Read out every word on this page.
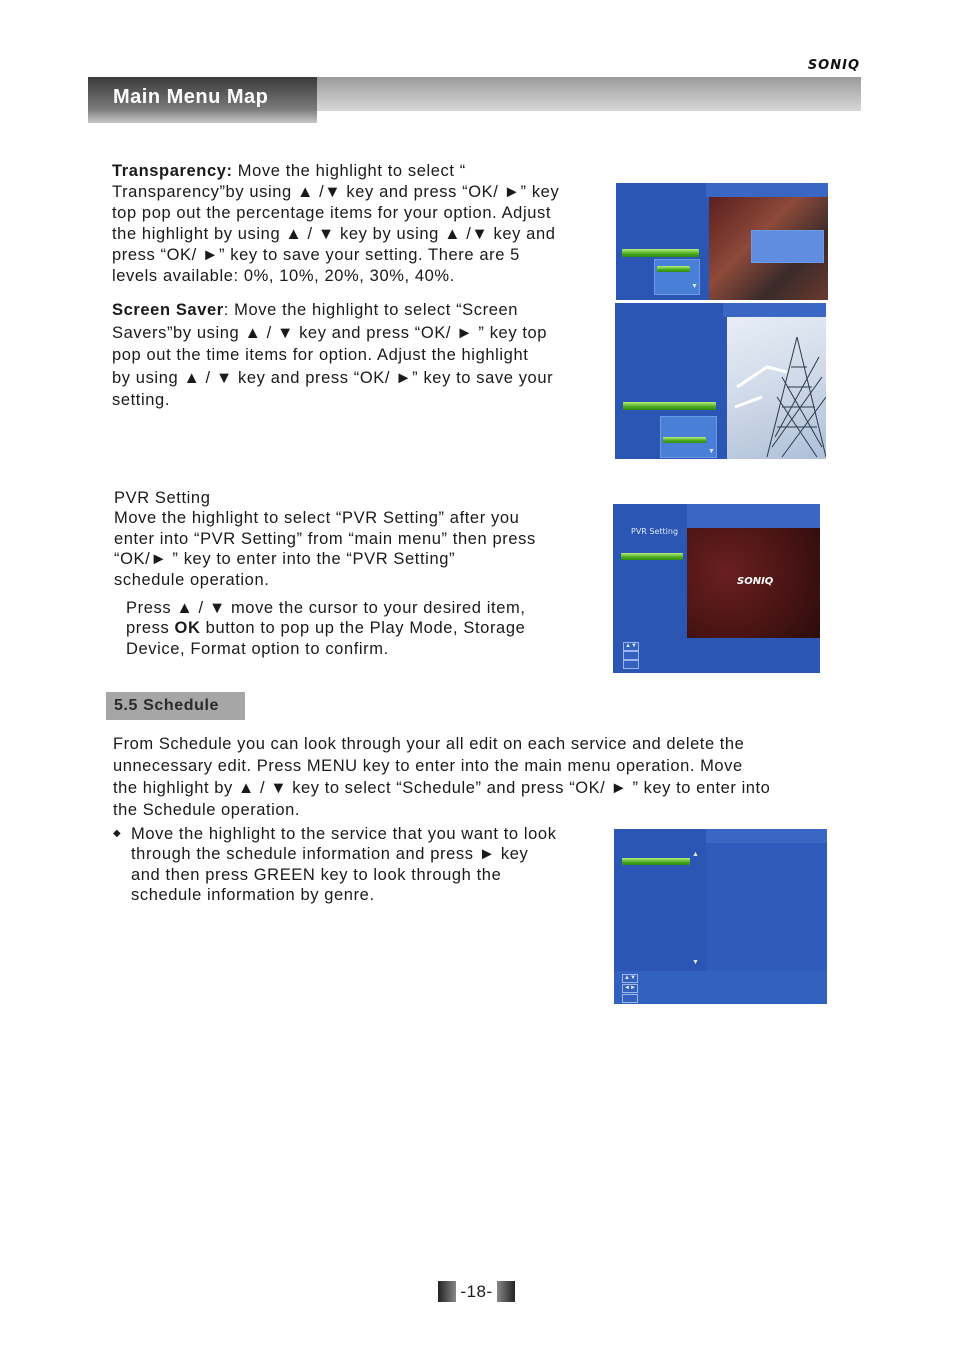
SONIQ
Main Menu Map
Transparency: Move the highlight to select “
Transparency”by using ▲ /▼ key and press “OK/ ►” key
top pop out the percentage items for your option. Adjust
the highlight by using ▲ / ▼ key by using ▲ /▼ key and
press “OK/ ►” key to save your setting. There are 5
levels available: 0%, 10%, 20%, 30%, 40%.
▼
Screen Saver: Move the highlight to select “Screen
Savers”by using ▲ / ▼ key and press “OK/ ► ” key top
pop out the time items for option. Adjust the highlight
by using ▲ / ▼ key and press “OK/ ►” key to save your
setting.
▼
PVR Setting
Move the highlight to select “PVR Setting” after you
enter into “PVR Setting” from “main menu” then press
“OK/► ” key to enter into the “PVR Setting”
schedule operation.
Press ▲ / ▼ move the cursor to your desired item,
press OK button to pop up the Play Mode, Storage
Device, Format option to confirm.
SONIQ
PVR Setting
▲▼
5.5 Schedule
From Schedule you can look through your all edit on each service and delete the
unnecessary edit. Press MENU key to enter into the main menu operation. Move
the highlight by ▲ / ▼ key to select “Schedule” and press “OK/ ► ” key to enter into
the Schedule operation.
◆ Move the highlight to the service that you want to look
through the schedule information and press ► key
and then press GREEN key to look through the
schedule information by genre.
▲
▼
▲▼
◄►
-18-
